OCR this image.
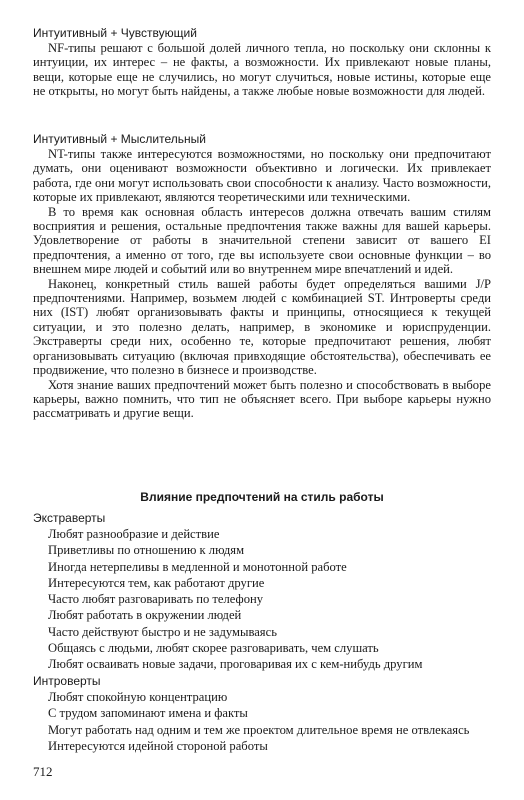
Интуитивный + Чувствующий

NF-типы решают с большой долей личного тепла, но поскольку они склонны к интуиции, их интерес – не факты, а возможности. Их привлекают новые планы, вещи, которые еще не случились, но могут случиться, новые истины, которые еще не открыты, но могут быть найдены, а также любые новые возможности для людей.

Интуитивный + Мыслительный

NT-типы также интересуются возможностями, но поскольку они предпочитают думать, они оценивают возможности объективно и логически. Их привлекает работа, где они могут использовать свои способности к анализу. Часто возможности, которые их привлекают, являются теоретическими или техническими.

В то время как основная область интересов должна отвечать вашим стилям восприятия и решения, остальные предпочтения также важны для вашей карьеры. Удовлетворение от работы в значительной степени зависит от вашего EI предпочтения, а именно от того, где вы используете свои основные функции – во внешнем мире людей и событий или во внутреннем мире впечатлений и идей.

Наконец, конкретный стиль вашей работы будет определяться вашими J/P предпочтениями. Например, возьмем людей с комбинацией ST. Интроверты среди них (IST) любят организовывать факты и принципы, относящиеся к текущей ситуации, и это полезно делать, например, в экономике и юриспруденции. Экстраверты среди них, особенно те, которые предпочитают решения, любят организовывать ситуацию (включая привходящие обстоятельства), обеспечивать ее продвижение, что полезно в бизнесе и производстве.

Хотя знание ваших предпочтений может быть полезно и способствовать в выборе карьеры, важно помнить, что тип не объясняет всего. При выборе карьеры нужно рассматривать и другие вещи.

Влияние предпочтений на стиль работы

Экстраверты

Любят разнообразие и действие
Приветливы по отношению к людям
Иногда нетерпеливы в медленной и монотонной работе
Интересуются тем, как работают другие
Часто любят разговаривать по телефону
Любят работать в окружении людей
Часто действуют быстро и не задумываясь
Общаясь с людьми, любят скорее разговаривать, чем слушать
Любят осваивать новые задачи, проговаривая их с кем-нибудь другим

Интроверты

Любят спокойную концентрацию
С трудом запоминают имена и факты
Могут работать над одним и тем же проектом длительное время не отвлекаясь
Интересуются идейной стороной работы

712
